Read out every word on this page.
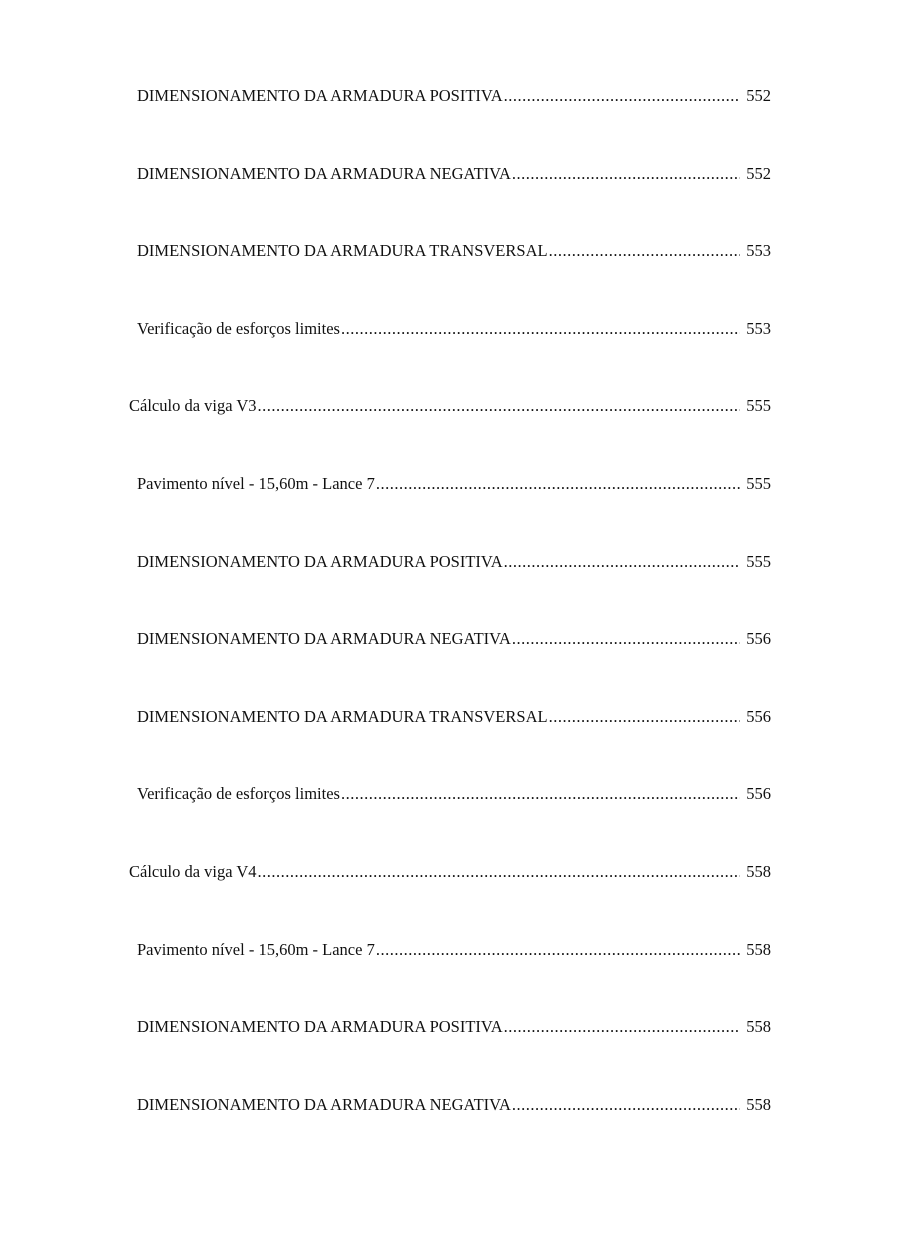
DIMENSIONAMENTO DA ARMADURA POSITIVA .....	552
DIMENSIONAMENTO DA ARMADURA NEGATIVA .....	552
DIMENSIONAMENTO DA ARMADURA TRANSVERSAL .....	553
Verificação de esforços limites .....	553
Cálculo da viga V3 .....	555
Pavimento nível - 15,60m - Lance 7 .....	555
DIMENSIONAMENTO DA ARMADURA POSITIVA .....	555
DIMENSIONAMENTO DA ARMADURA NEGATIVA .....	556
DIMENSIONAMENTO DA ARMADURA TRANSVERSAL .....	556
Verificação de esforços limites .....	556
Cálculo da viga V4 .....	558
Pavimento nível - 15,60m - Lance 7 .....	558
DIMENSIONAMENTO DA ARMADURA POSITIVA .....	558
DIMENSIONAMENTO DA ARMADURA NEGATIVA .....	558
